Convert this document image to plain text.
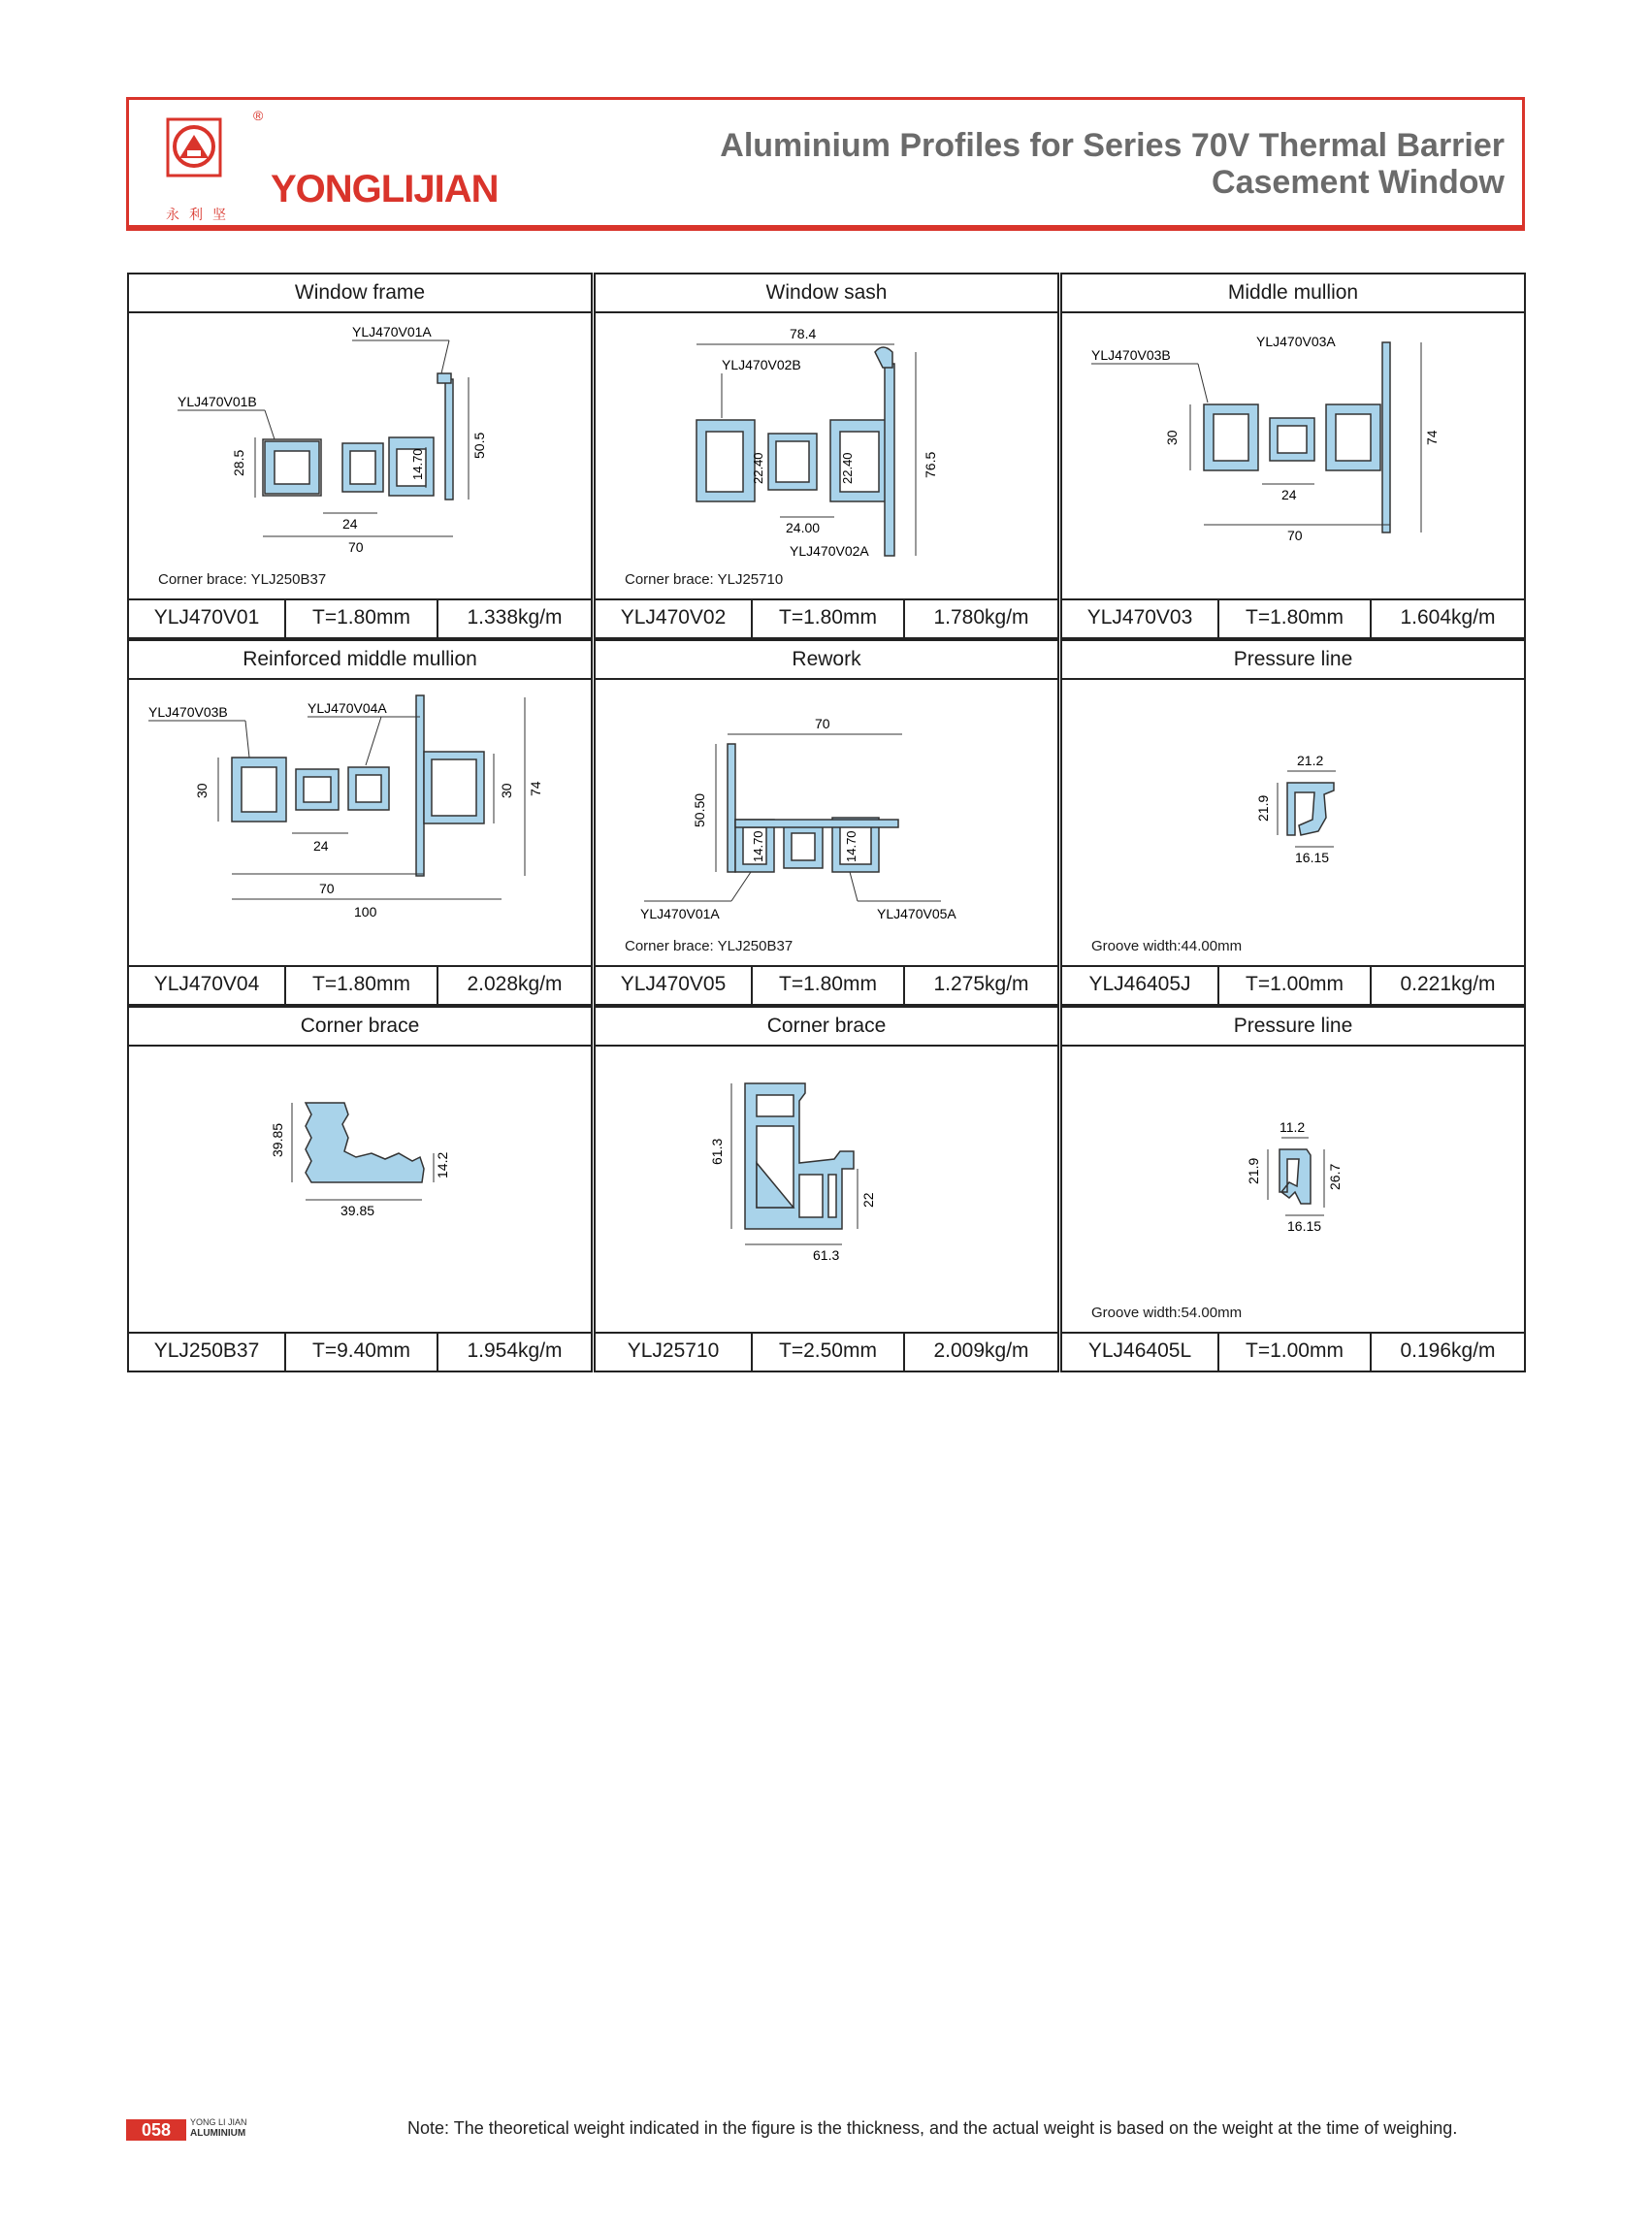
®
永利坚
YONGLIJIAN
Aluminium Profiles for Series 70V Thermal Barrier
Casement Window
Window frame
YLJ470V01A
YLJ470V01B
28.5	14.70
50.5
24
70
Corner brace: YLJ250B37
YLJ470V01	T=1.80mm	1.338kg/m
Window sash
78.4
YLJ470V02B
22.40	22.40	76.5
24.00
YLJ470V02A
Corner brace: YLJ25710
YLJ470V02	T=1.80mm	1.780kg/m
Middle mullion
YLJ470V03A
YLJ470V03B
30	74
24
70
YLJ470V03	T=1.80mm	1.604kg/m
Reinforced middle mullion
YLJ470V03B	YLJ470V04A
30	30 74
24
70
100
YLJ470V04	T=1.80mm	2.028kg/m
Rework
70
50.50
14.70	14.70
YLJ470V01A	YLJ470V05A
Corner brace: YLJ250B37
YLJ470V05	T=1.80mm	1.275kg/m
Pressure line
21.2
21.9
16.15
Groove width:44.00mm
YLJ46405J	T=1.00mm	0.221kg/m
Corner brace
39.85
14.2
39.85
YLJ250B37	T=9.40mm	1.954kg/m
Corner brace
61.3
22
61.3
YLJ25710	T=2.50mm	2.009kg/m
Pressure line
11.2
21.9	26.7
16.15
Groove width:54.00mm
YLJ46405L	T=1.00mm	0.196kg/m
058	YONG LI JIAN
ALUMINIUM	Note: The theoretical weight indicated in the figure is the thickness, and the actual weight is based on the weight at the time of weighing.
